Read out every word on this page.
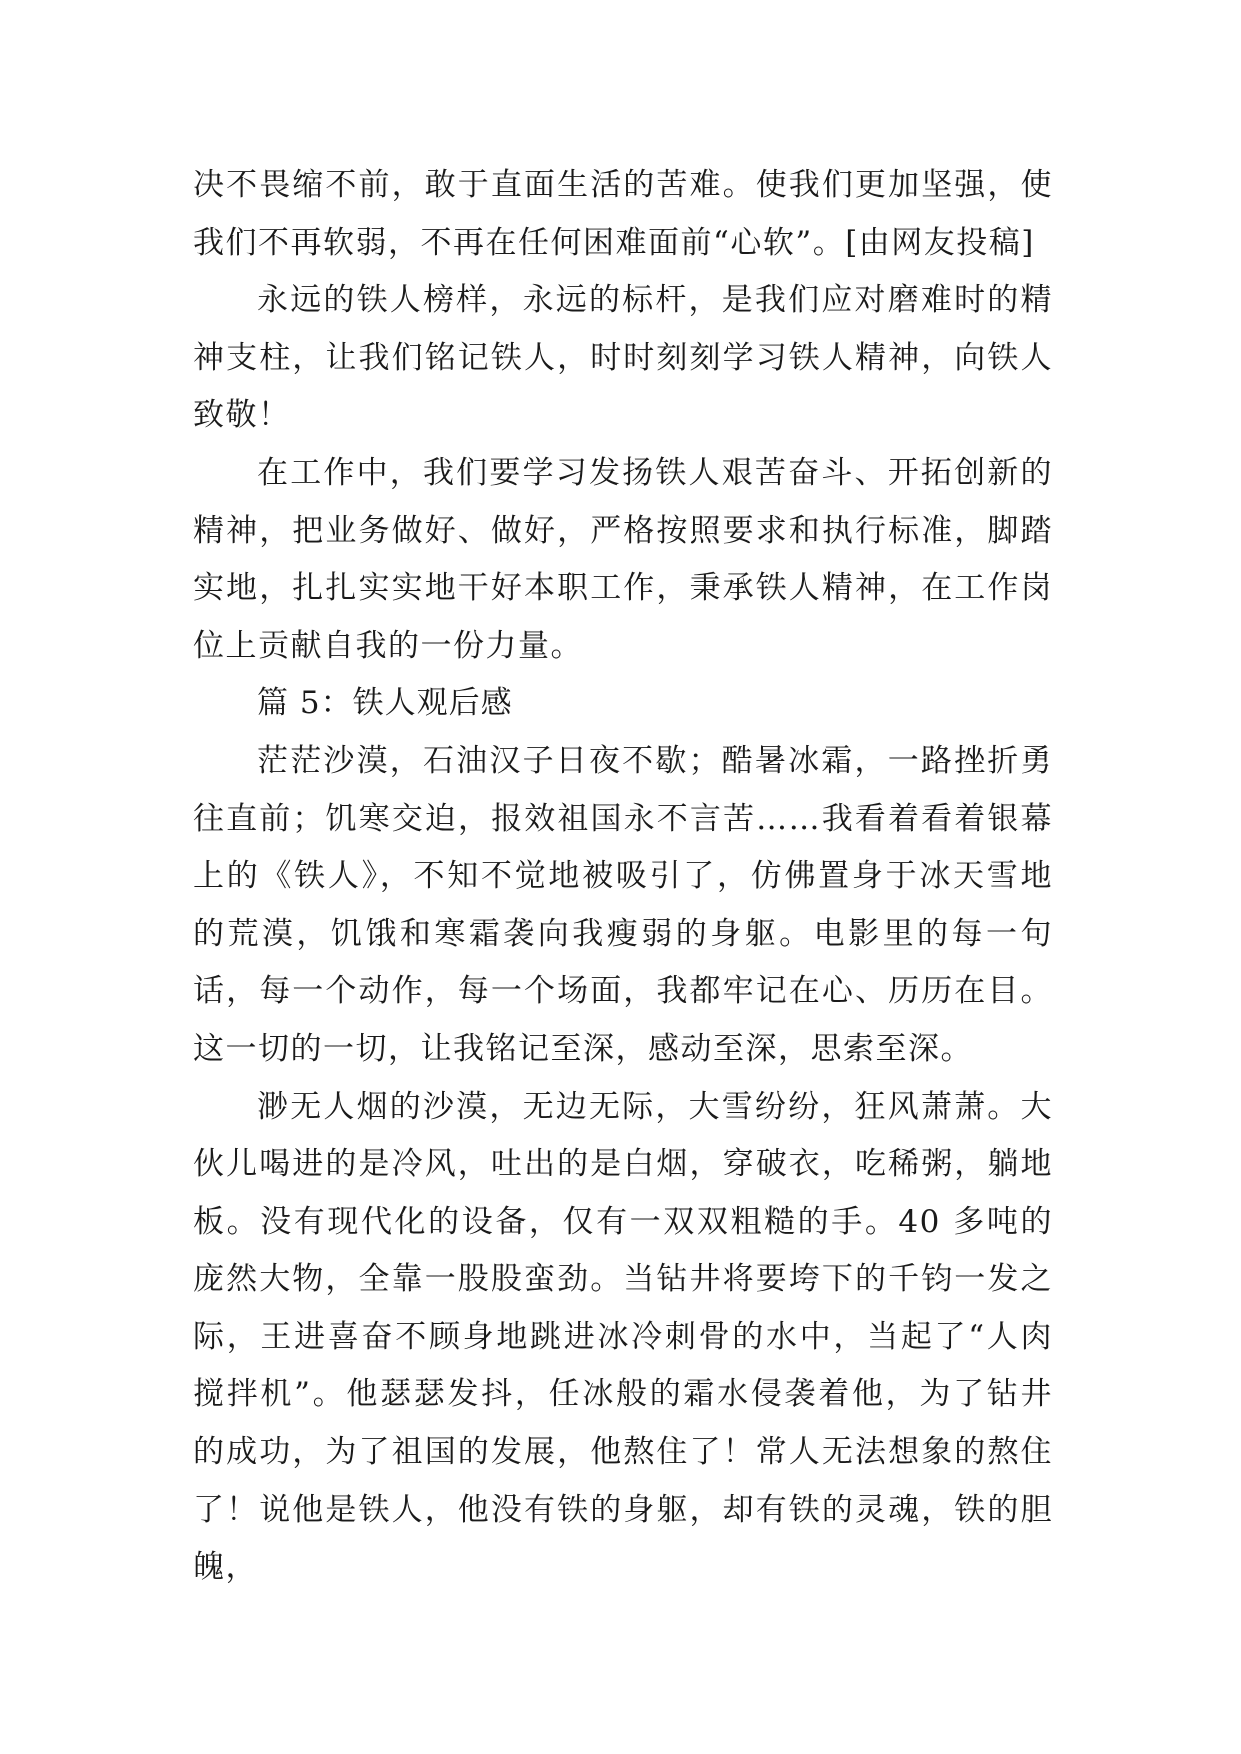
决不畏缩不前，敢于直面生活的苦难。使我们更加坚强，使我们不再软弱，不再在任何困难面前“心软”。[由网友投稿]

永远的铁人榜样，永远的标杆，是我们应对磨难时的精神支柱，让我们铭记铁人，时时刻刻学习铁人精神，向铁人致敬！

在工作中，我们要学习发扬铁人艰苦奋斗、开拓创新的精神，把业务做好、做好，严格按照要求和执行标准，脚踏实地，扎扎实实地干好本职工作，秉承铁人精神，在工作岗位上贡献自我的一份力量。

篇 5：铁人观后感

茫茫沙漠，石油汉子日夜不歇；酷暑冰霜，一路挫折勇往直前；饥寒交迫，报效祖国永不言苦……我看着看着银幕上的《铁人》，不知不觉地被吸引了，仿佛置身于冰天雪地的荒漠，饥饿和寒霜袭向我瘦弱的身躯。电影里的每一句话，每一个动作，每一个场面，我都牢记在心、历历在目。这一切的一切，让我铭记至深，感动至深，思索至深。

渺无人烟的沙漠，无边无际，大雪纷纷，狂风萧萧。大伙儿喝进的是冷风，吐出的是白烟，穿破衣，吃稀粥，躺地板。没有现代化的设备，仅有一双双粗糙的手。40 多吨的庞然大物，全靠一股股蛮劲。当钻井将要垮下的千钧一发之际，王进喜奋不顾身地跳进冰冷刺骨的水中，当起了“人肉搅拌机”。他瑟瑟发抖，任冰般的霜水侵袭着他，为了钻井的成功，为了祖国的发展，他熬住了！常人无法想象的熬住了！说他是铁人，他没有铁的身躯，却有铁的灵魂，铁的胆魄，
